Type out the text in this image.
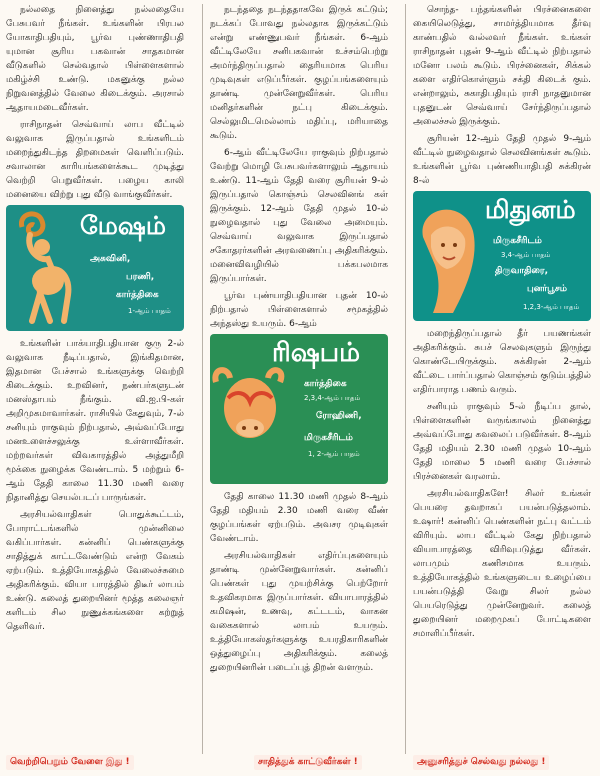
நல்லதை நினைத்து நல்லதையே பேசுபவர் நீங்கள். உங்களின் பிரபல யோகாதிபதியும், பூர்வ புண்ணாதிபதி யுமான சூரிய பகவான் சாதகமான வீடுகளில் செல்வதால் பிள்ளைகளால் மகிழ்ச்சி உண்டு. மகனுக்கு நல்ல நிறுவனத்தில் வேலை கிடைக்கும். அரசால் ஆதாயமடைவீர்கள்.

ராசிநாதன் செவ்வாய் லாப வீட்டில் வலுவாக இருப்பதால் உங்களிடம் மறைந்துகிடந்த திறமைகள் வெளிப்படும். சவாலான காரியங்களைக்கூட முடித்து வெற்றி பெறுவீர்கள். பழைய காலி மனையை விற்று புது வீடு வாங்குவீர்கள்.

மேஷம்
அசுவினி,
பரணி,
கார்த்திகை
1-ஆம் பாதம்

உங்களின் பாக்யாதிபதியான குரு 2-ல் வலுவாக நீடிப்பதால், இங்கிதமான, இதமான பேச்சால் உங்களுக்கு வெற்றி கிடைக்கும். உறவினர், நண்பர்களுடன் மனஸ்தாபம் நீங்கும். வி.ஐ.பி-கள் அறிமுகமாவார்கள். ராசியில் கேதுவும், 7-ல் சனியும் ராகுவும் நிற்பதால், அவ்வப்போது மனஉளைச்சலுக்கு உள்ளாவீர்கள். மற்றவர்கள் விவகாரத்தில் அத்துமீறி மூக்கை நுழைக்க வேண்டாம். 5 மற்றும் 6-ஆம் தேதி காலை 11.30 மணி வரை நிதானித்து செயல்படப் பாருங்கள்.

அரசியல்வாதிகள் பொதுக்கூட்டம், போராட்டங்களில் முன்னிலை வகிப்பார்கள். கன்னிப் பெண்களுக்கு சாதித்துக் காட்டவேண்டும் என்ற வேகம் ஏற்படும். உத்தியோகத்தில் வேலைச்சுமை அதிகரிக்கும். வியா பாரத்தில் திடீர் லாபம் உண்டு. கலைத் துறையினர் மூத்த கலைஞர் களிடம் சில நுணுக்கங்களை கற்றுத் தெளிவர்.

வெற்றிபெறும் வேளை இது !

நடந்ததை நடந்ததாகவே இருக் கட்டும்; நடக்கப் போவது நல்லதாக இருக்கட்டும் என்று எண்ணுபவர் நீங்கள். 6-ஆம் வீட்டிலேயே சனிபகவான் உச்சம்பெற்று அமர்ந்திருப்பதால் தைரியமாக பெரிய முடிவுகள் எடுப்பீர்கள். குழப்பங்களையும் தாண்டி முன்னேறுவீர்கள். பெரிய மனிதர்களின் நட்பு கிடைக்கும். செல்லுமிடமெல்லாம் மதிப்பு, மரியாதை கூடும்.

6-ஆம் வீட்டிலேயே ராகுவும் நிற்பதால் வேற்று மொழி பேசுபவர்களாலும் ஆதாயம் உண்டு. 11-ஆம் தேதி வரை சூரியன் 9-ல் இருப்பதால் கொஞ்சம் செலவினங் கள் இருக்கும். 12-ஆம் தேதி முதல் 10-ல் நுழைவதால் புது வேலை அமையும். செவ்வாய் வலுவாக இருப்பதால் சகோதரர்களின் அரவணைப்பு அதிகரிக்கும். மனைவிவழியில் பக்கபலமாக இருப்பார்கள்.

பூர்வ புண்யாதிபதியான புதன் 10-ல் நிற்பதால் பிள்ளைகளால் சமூகத்தில் அந்தஸ்து உயரும். 6-ஆம்

ரிஷபம்
கார்த்திகை
2,3,4-ஆம் பாதம்
ரோஹிணி,
மிருகசீரிடம்
1, 2-ஆம் பாதம்

தேதி காலை 11.30 மணி முதல் 8-ஆம் தேதி மதியம் 2.30 மணி வரை வீண் குழப்பங்கள் ஏற்படும். அவசர முடிவுகள் வேண்டாம்.

அரசியல்வாதிகள் எதிர்ப்புகளையும் தாண்டி முன்னேறுவார்கள். கன்னிப் பெண்கள் புது முயற்சிக்கு பெற்றோர் உதவிகரமாக இருப்பார்கள். வியாபாரத்தில் கமிஷன், உணவு, கட்டடம், வாகன வகைகளால் லாபம் உயரும். உத்தியோகஸ்தர்களுக்கு உயரதிகாரிகளின் ஒத்துழைப்பு அதிகரிக்கும். கலைத் துறையினரின் படைப்புத் திறன் வளரும்.

சாதித்துக் காட்டுவீர்கள் !

சொந்த- பந்தங்களின் பிரச்னைகளை கையிலெடுத்து, சாமர்த்தியமாக தீர்வு காண்பதில் வல்லவர் நீங்கள். உங்கள் ராசிநாதன் புதன் 9-ஆம் வீட்டில் நிற்பதால் மனோ பலம் கூடும். பிரச்னைகள், சிக்கல் களை எதிர்கொள்ளும் சக்தி கிடைக் கும். என்றாலும், சுகாதிபதியும் ராசி நாதனுமான புதனுடன் செவ்வாய் சேர்ந்திருப்பதால் அலைச்சல் இருக்கும்.

சூரியன் 12-ஆம் தேதி முதல் 9-ஆம் வீட்டில் நுழைவதால் செலவினங்கள் கூடும். உங்களின் பூர்வ புண்ணியாதிபதி சுக்கிரன் 8-ல்

மிதுனம்
மிருகசீரிடம்
3,4-ஆம் பாதம்
திருவாதிரை,
புனர்பூசம்
1,2,3-ஆம் பாதம்

மறைந்திருப்பதால் தீர் பயணங்கள் அதிகரிக்கும். சுபச் செலவுகளும் இருந்து கொண்டேயிருக்கும். சுக்கிரன் 2-ஆம் வீட்டை பார்ப்பதால் கொஞ்சம் குடும்பத்தில் எதிர்பாராத பணம் வரும்.

சனியும் ராகுவும் 5-ல் நீடிப்ப தால், பிள்ளைகளின் வருங்காலம் நினைத்து அவ்வப்போது கவலைப் படுவீர்கள். 8-ஆம் தேதி மதியம் 2.30 மணி முதல் 10-ஆம் தேதி மாலை 5 மணி வரை பேச்சால் பிரச்னைகள் வரலாம்.

அரசியல்வாதிகளே! சிலர் உங்கள் பெயரை தவறாகப் பயன்படுத்தலாம். உஷார்! கன்னிப் பெண்களின் நட்பு வட்டம் விரியும். லாப வீட்டில் கேது நிற்பதால் வியாபாரத்தை விரிவுபடுத்து வீர்கள். லாபமும் கணிசமாக உயரும். உத்தியோகத்தில் உங்களுடைய உழைப்பை பயன்படுத்தி வேறு சிலர் நல்ல பெயரெடுத்து முன்னேறுவர். கலைத் துறையினர் மறைமுகப் போட்டிகளை சமாளிப்பீர்கள்.

அனுசரித்துச் செல்வது நல்லது !
